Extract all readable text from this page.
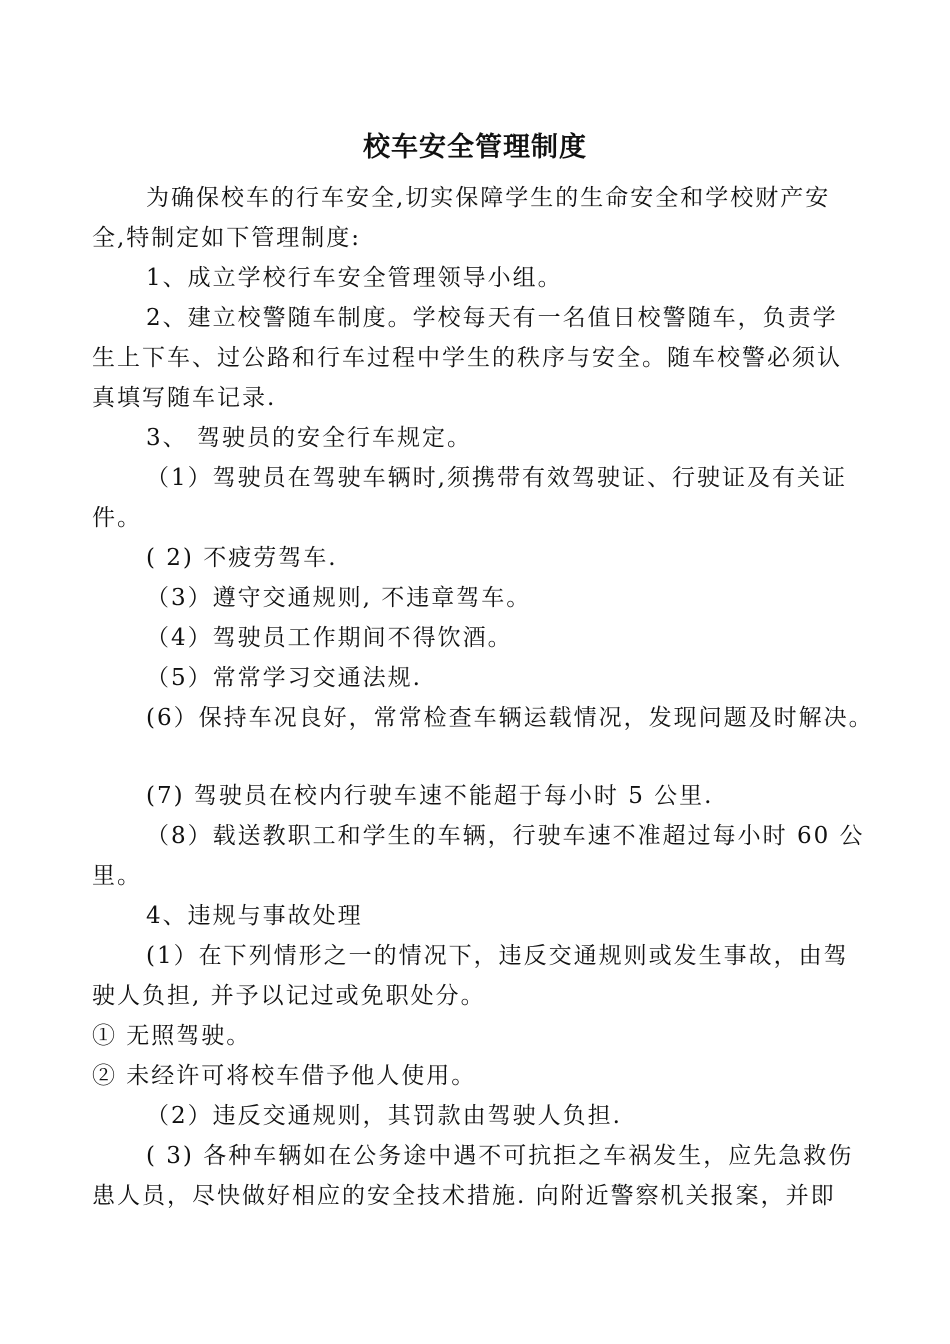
校车安全管理制度

为确保校车的行车安全,切实保障学生的生命安全和学校财产安

全,特制定如下管理制度:

1、成立学校行车安全管理领导小组。

2、建立校警随车制度。学校每天有一名值日校警随车，负责学

生上下车、过公路和行车过程中学生的秩序与安全。随车校警必须认

真填写随车记录.

3、 驾驶员的安全行车规定。

（1）驾驶员在驾驶车辆时,须携带有效驾驶证、行驶证及有关证

件。

( 2) 不疲劳驾车.

（3）遵守交通规则, 不违章驾车。

（4）驾驶员工作期间不得饮酒。

（5）常常学习交通法规.

(6）保持车况良好，常常检查车辆运载情况，发现问题及时解决。

(7) 驾驶员在校内行驶车速不能超于每小时 5 公里.

（8）载送教职工和学生的车辆，行驶车速不准超过每小时 60 公

里。

4、违规与事故处理

(1）在下列情形之一的情况下，违反交通规则或发生事故，由驾

驶人负担, 并予以记过或免职处分。

① 无照驾驶。

② 未经许可将校车借予他人使用。

（2）违反交通规则，其罚款由驾驶人负担.

( 3) 各种车辆如在公务途中遇不可抗拒之车祸发生，应先急救伤

患人员，尽快做好相应的安全技术措施. 向附近警察机关报案，并即
